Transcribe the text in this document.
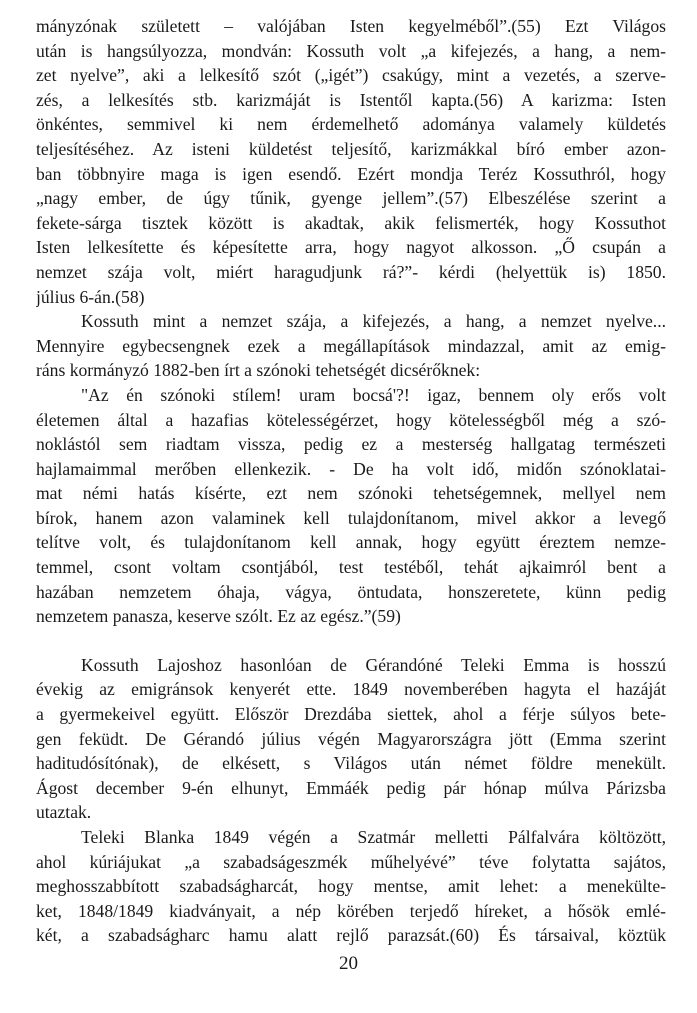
mányzónak született – valójában Isten kegyelméből”.(55) Ezt Világos
után is hangsúlyozza, mondván: Kossuth volt „a kifejezés, a hang, a nem-
zet nyelve”, aki a lelkesítő szót („igét”) csakúgy, mint a vezetés, a szerve-
zés, a lelkesítés stb. karizmáját is Istentől kapta.(56) A karizma: Isten
önkéntes, semmivel ki nem érdemelhető adománya valamely küldetés
teljesítéséhez. Az isteni küldetést teljesítő, karizmákkal bíró ember azon-
ban többnyire maga is igen esendő. Ezért mondja Teréz Kossuthról, hogy
„nagy ember, de úgy tűnik, gyenge jellem”.(57) Elbeszélése szerint a
fekete-sárga tisztek között is akadtak, akik felismerték, hogy Kossuthot
Isten lelkesítette és képesítette arra, hogy nagyot alkosson. „Ő csupán a
nemzet szája volt, miért haragudjunk rá?”- kérdi (helyettük is) 1850.
július 6-án.(58)
Kossuth mint a nemzet szája, a kifejezés, a hang, a nemzet nyelve...
Mennyire egybecsengnek ezek a megállapítások mindazzal, amit az emig-
ráns kormányzó 1882-ben írt a szónoki tehetségét dicsérőknek:
"Az én szónoki stílem! uram bocsá'?! igaz, bennem oly erős volt
életemen által a hazafias kötelességérzet, hogy kötelességből még a szó-
noklástól sem riadtam vissza, pedig ez a mesterség hallgatag természeti
hajlamaimmal merőben ellenkezik. - De ha volt idő, midőn szónoklatai-
mat némi hatás kísérte, ezt nem szónoki tehetségemnek, mellyel nem
bírok, hanem azon valaminek kell tulajdonítanom, mivel akkor a levegő
telítve volt, és tulajdonítanom kell annak, hogy együtt éreztem nemze-
temmel, csont voltam csontjából, test testéből, tehát ajkaimról bent a
hazában nemzetem óhaja, vágya, öntudata, honszeretete, künn pedig
nemzetem panasza, keserve szólt. Ez az egész.”(59)
Kossuth Lajoshoz hasonlóan de Gérandóné Teleki Emma is hosszú
évekig az emigránsok kenyerét ette. 1849 novemberében hagyta el hazáját
a gyermekeivel együtt. Először Drezdába siettek, ahol a férje súlyos bete-
gen feküdt. De Gérandó július végén Magyarországra jött (Emma szerint
haditudósítónak), de elkésett, s Világos után német földre menekült.
Ágost december 9-én elhunyt, Emmáék pedig pár hónap múlva Párizsba
utaztak.
Teleki Blanka 1849 végén a Szatmár melletti Pálfalvára költözött,
ahol kúriájukat „a szabadságeszmék műhelyévé” téve folytatta sajátos,
meghosszabbított szabadságharcát, hogy mentse, amit lehet: a menekülte-
ket, 1848/1849 kiadványait, a nép körében terjedő híreket, a hősök emlé-
két, a szabadságharc hamu alatt rejlő parazsát.(60) És társaival, köztük
20
